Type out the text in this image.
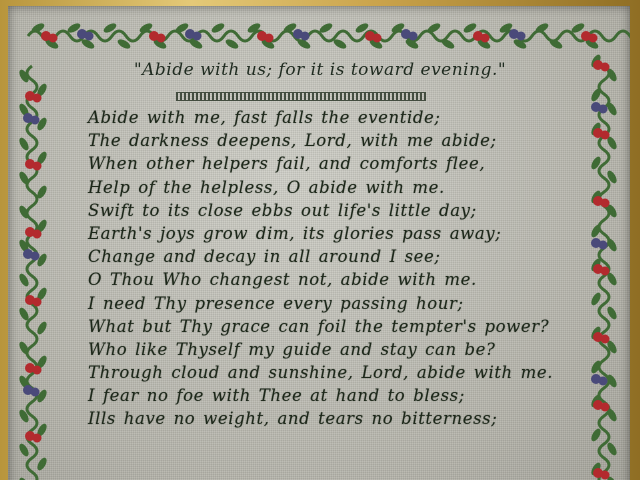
"Abide with us; for it is toward evening."
Abide with me, fast falls the eventide;
The darkness deepens, Lord, with me abide;
When other helpers fail, and comforts flee,
Help of the helpless, O abide with me.
Swift to its close ebbs out life's little day;
Earth's joys grow dim, its glories pass away;
Change and decay in all around I see;
O Thou Who changest not, abide with me.
I need Thy presence every passing hour;
What but Thy grace can foil the tempter's power?
Who like Thyself my guide and stay can be?
Through cloud and sunshine, Lord, abide with me.
I fear no foe with Thee at hand to bless;
Ills have no weight, and tears no bitterness;
